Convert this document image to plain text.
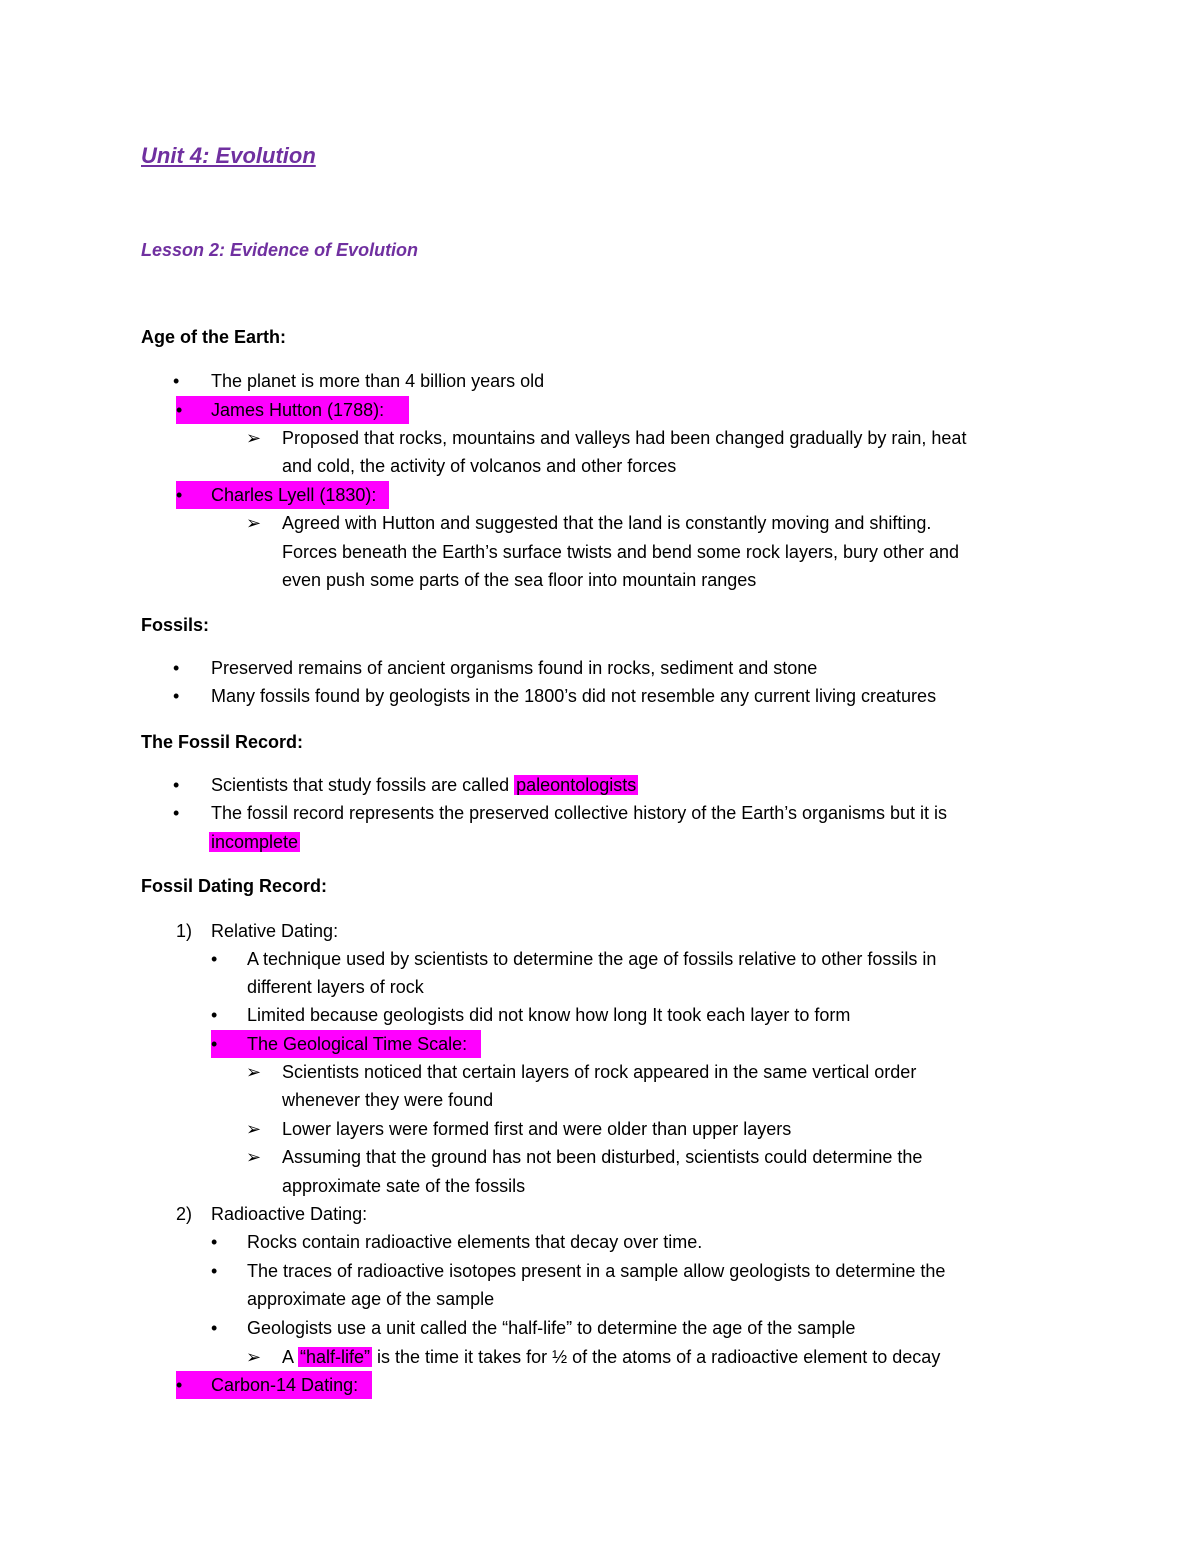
Unit 4: Evolution
Lesson 2: Evidence of Evolution
Age of the Earth:
• The planet is more than 4 billion years old
• James Hutton (1788):
➢ Proposed that rocks, mountains and valleys had been changed gradually by rain, heat
and cold, the activity of volcanos and other forces
• Charles Lyell (1830):
➢ Agreed with Hutton and suggested that the land is constantly moving and shifting.
Forces beneath the Earth’s surface twists and bend some rock layers, bury other and
even push some parts of the sea floor into mountain ranges
Fossils:
• Preserved remains of ancient organisms found in rocks, sediment and stone
• Many fossils found by geologists in the 1800’s did not resemble any current living creatures
The Fossil Record:
• Scientists that study fossils are called paleontologists
• The fossil record represents the preserved collective history of the Earth’s organisms but it is
incomplete
Fossil Dating Record:
1) Relative Dating:
• A technique used by scientists to determine the age of fossils relative to other fossils in
different layers of rock
• Limited because geologists did not know how long It took each layer to form
• The Geological Time Scale:
➢ Scientists noticed that certain layers of rock appeared in the same vertical order
whenever they were found
➢ Lower layers were formed first and were older than upper layers
➢ Assuming that the ground has not been disturbed, scientists could determine the
approximate sate of the fossils
2) Radioactive Dating:
• Rocks contain radioactive elements that decay over time.
• The traces of radioactive isotopes present in a sample allow geologists to determine the
approximate age of the sample
• Geologists use a unit called the “half-life” to determine the age of the sample
➢ A “half-life” is the time it takes for ½ of the atoms of a radioactive element to decay
• Carbon-14 Dating:
